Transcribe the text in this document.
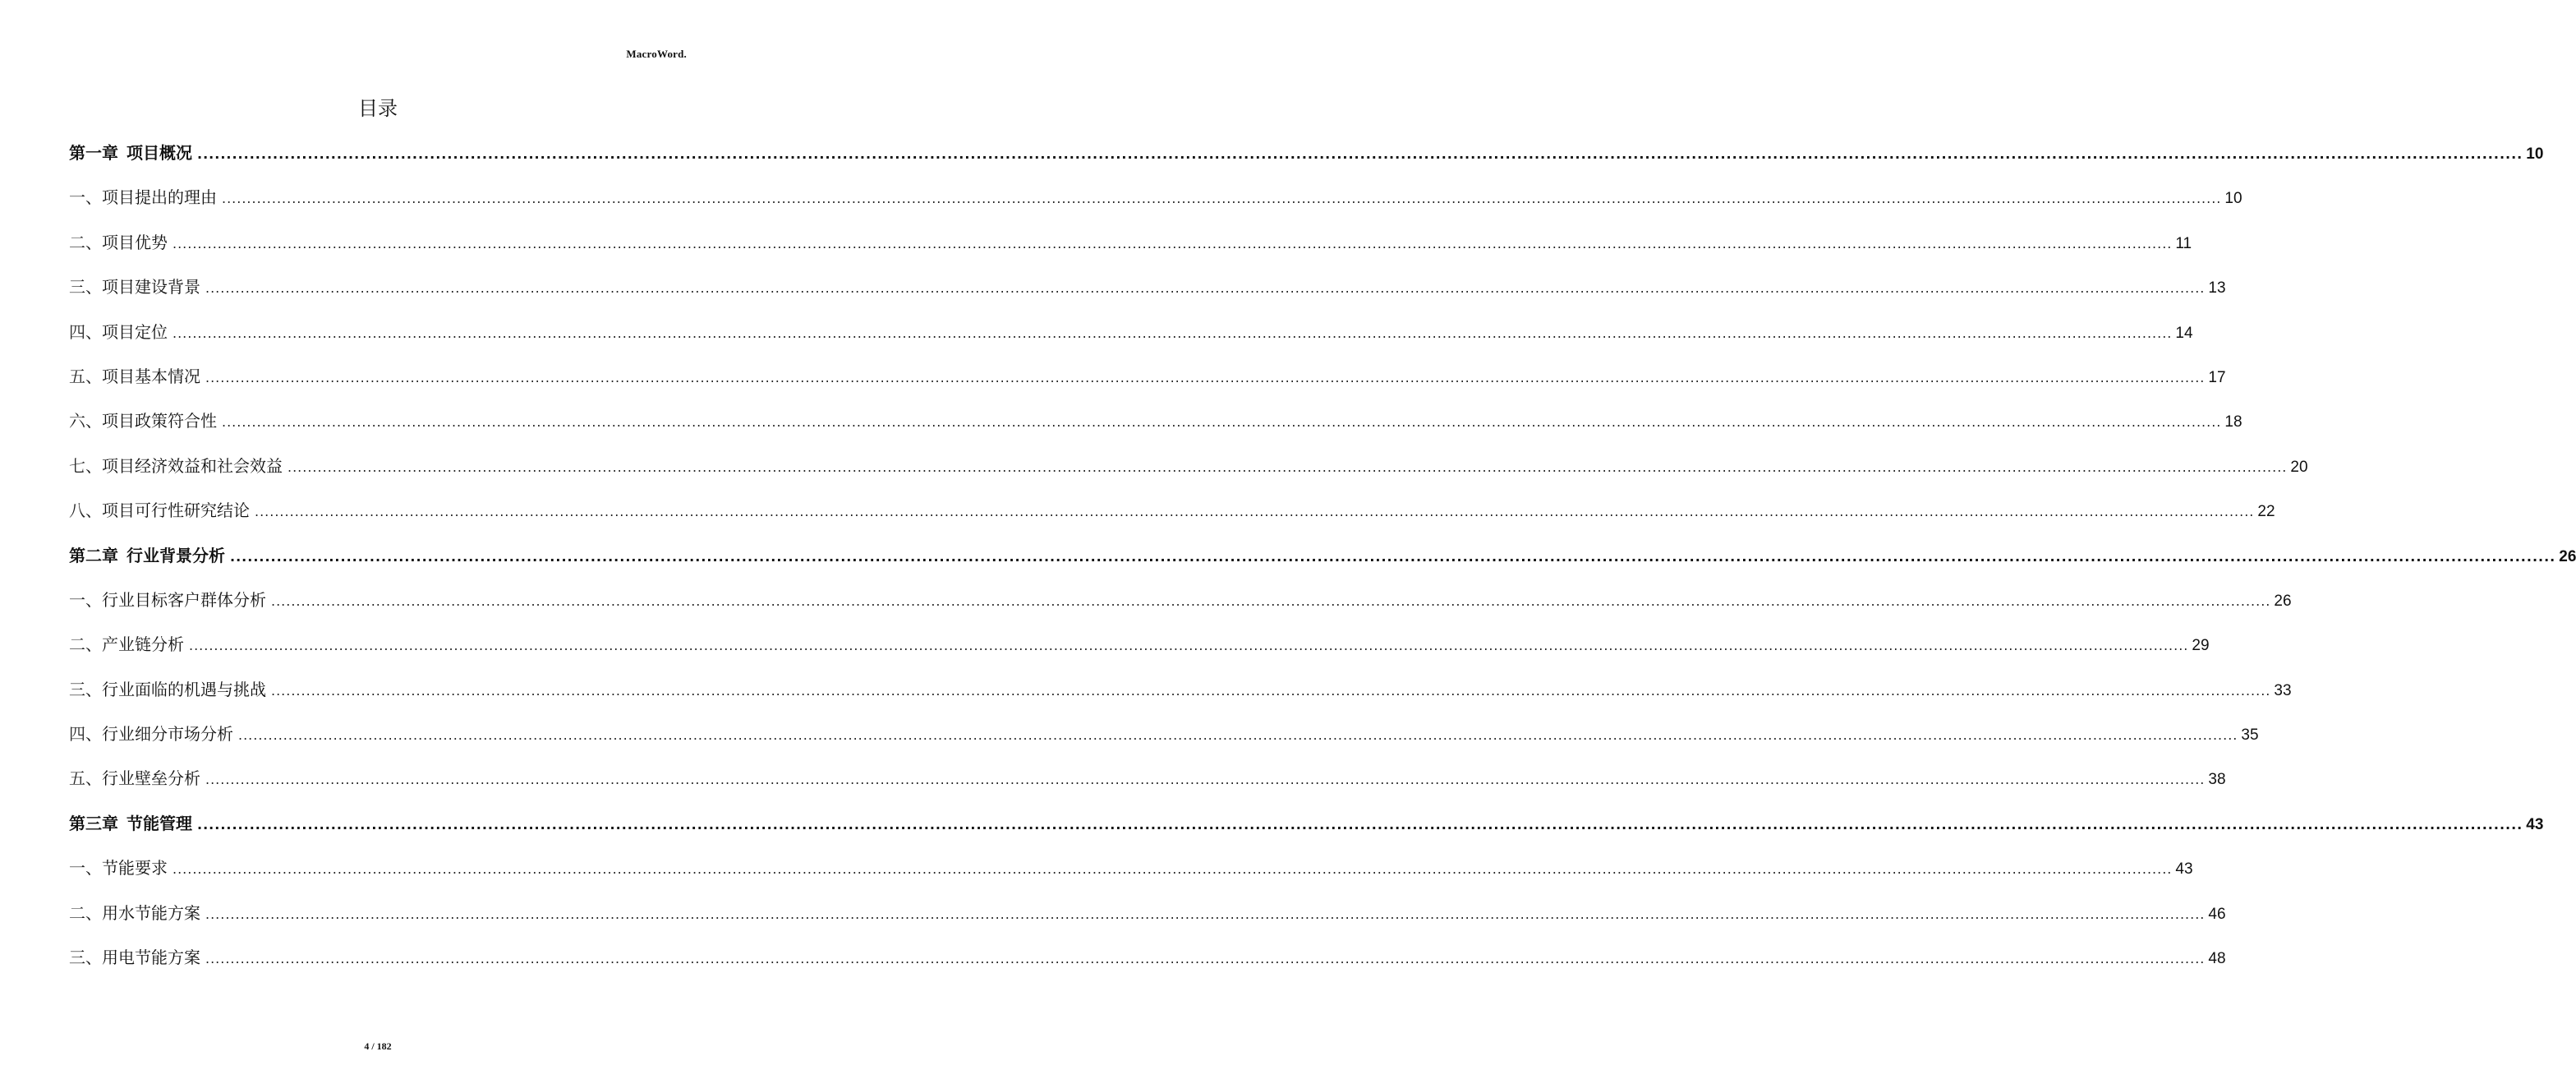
MacroWord.
目录
第一章 项目概况 ................................................................................................................................................................................................................................................................................................................................................................................................................ 10
一、 项目提出的理由 ................................................................................................................................................................................................................................................................................................................................................................................................................ 10
二、 项目优势 ................................................................................................................................................................................................................................................................................................................................................................................................................ 11
三、 项目建设背景 ................................................................................................................................................................................................................................................................................................................................................................................................................ 13
四、 项目定位 ................................................................................................................................................................................................................................................................................................................................................................................................................ 14
五、 项目基本情况 ................................................................................................................................................................................................................................................................................................................................................................................................................ 17
六、 项目政策符合性 ................................................................................................................................................................................................................................................................................................................................................................................................................ 18
七、 项目经济效益和社会效益 ................................................................................................................................................................................................................................................................................................................................................................................................................ 20
八、 项目可行性研究结论 ................................................................................................................................................................................................................................................................................................................................................................................................................ 22
第二章 行业背景分析 ................................................................................................................................................................................................................................................................................................................................................................................................................ 26
一、 行业目标客户群体分析 ................................................................................................................................................................................................................................................................................................................................................................................................................ 26
二、 产业链分析 ................................................................................................................................................................................................................................................................................................................................................................................................................ 29
三、 行业面临的机遇与挑战 ................................................................................................................................................................................................................................................................................................................................................................................................................ 33
四、 行业细分市场分析 ................................................................................................................................................................................................................................................................................................................................................................................................................ 35
五、 行业壁垒分析 ................................................................................................................................................................................................................................................................................................................................................................................................................ 38
第三章 节能管理 ................................................................................................................................................................................................................................................................................................................................................................................................................ 43
一、 节能要求 ................................................................................................................................................................................................................................................................................................................................................................................................................ 43
二、 用水节能方案 ................................................................................................................................................................................................................................................................................................................................................................................................................ 46
三、 用电节能方案 ................................................................................................................................................................................................................................................................................................................................................................................................................ 48
4 / 182
